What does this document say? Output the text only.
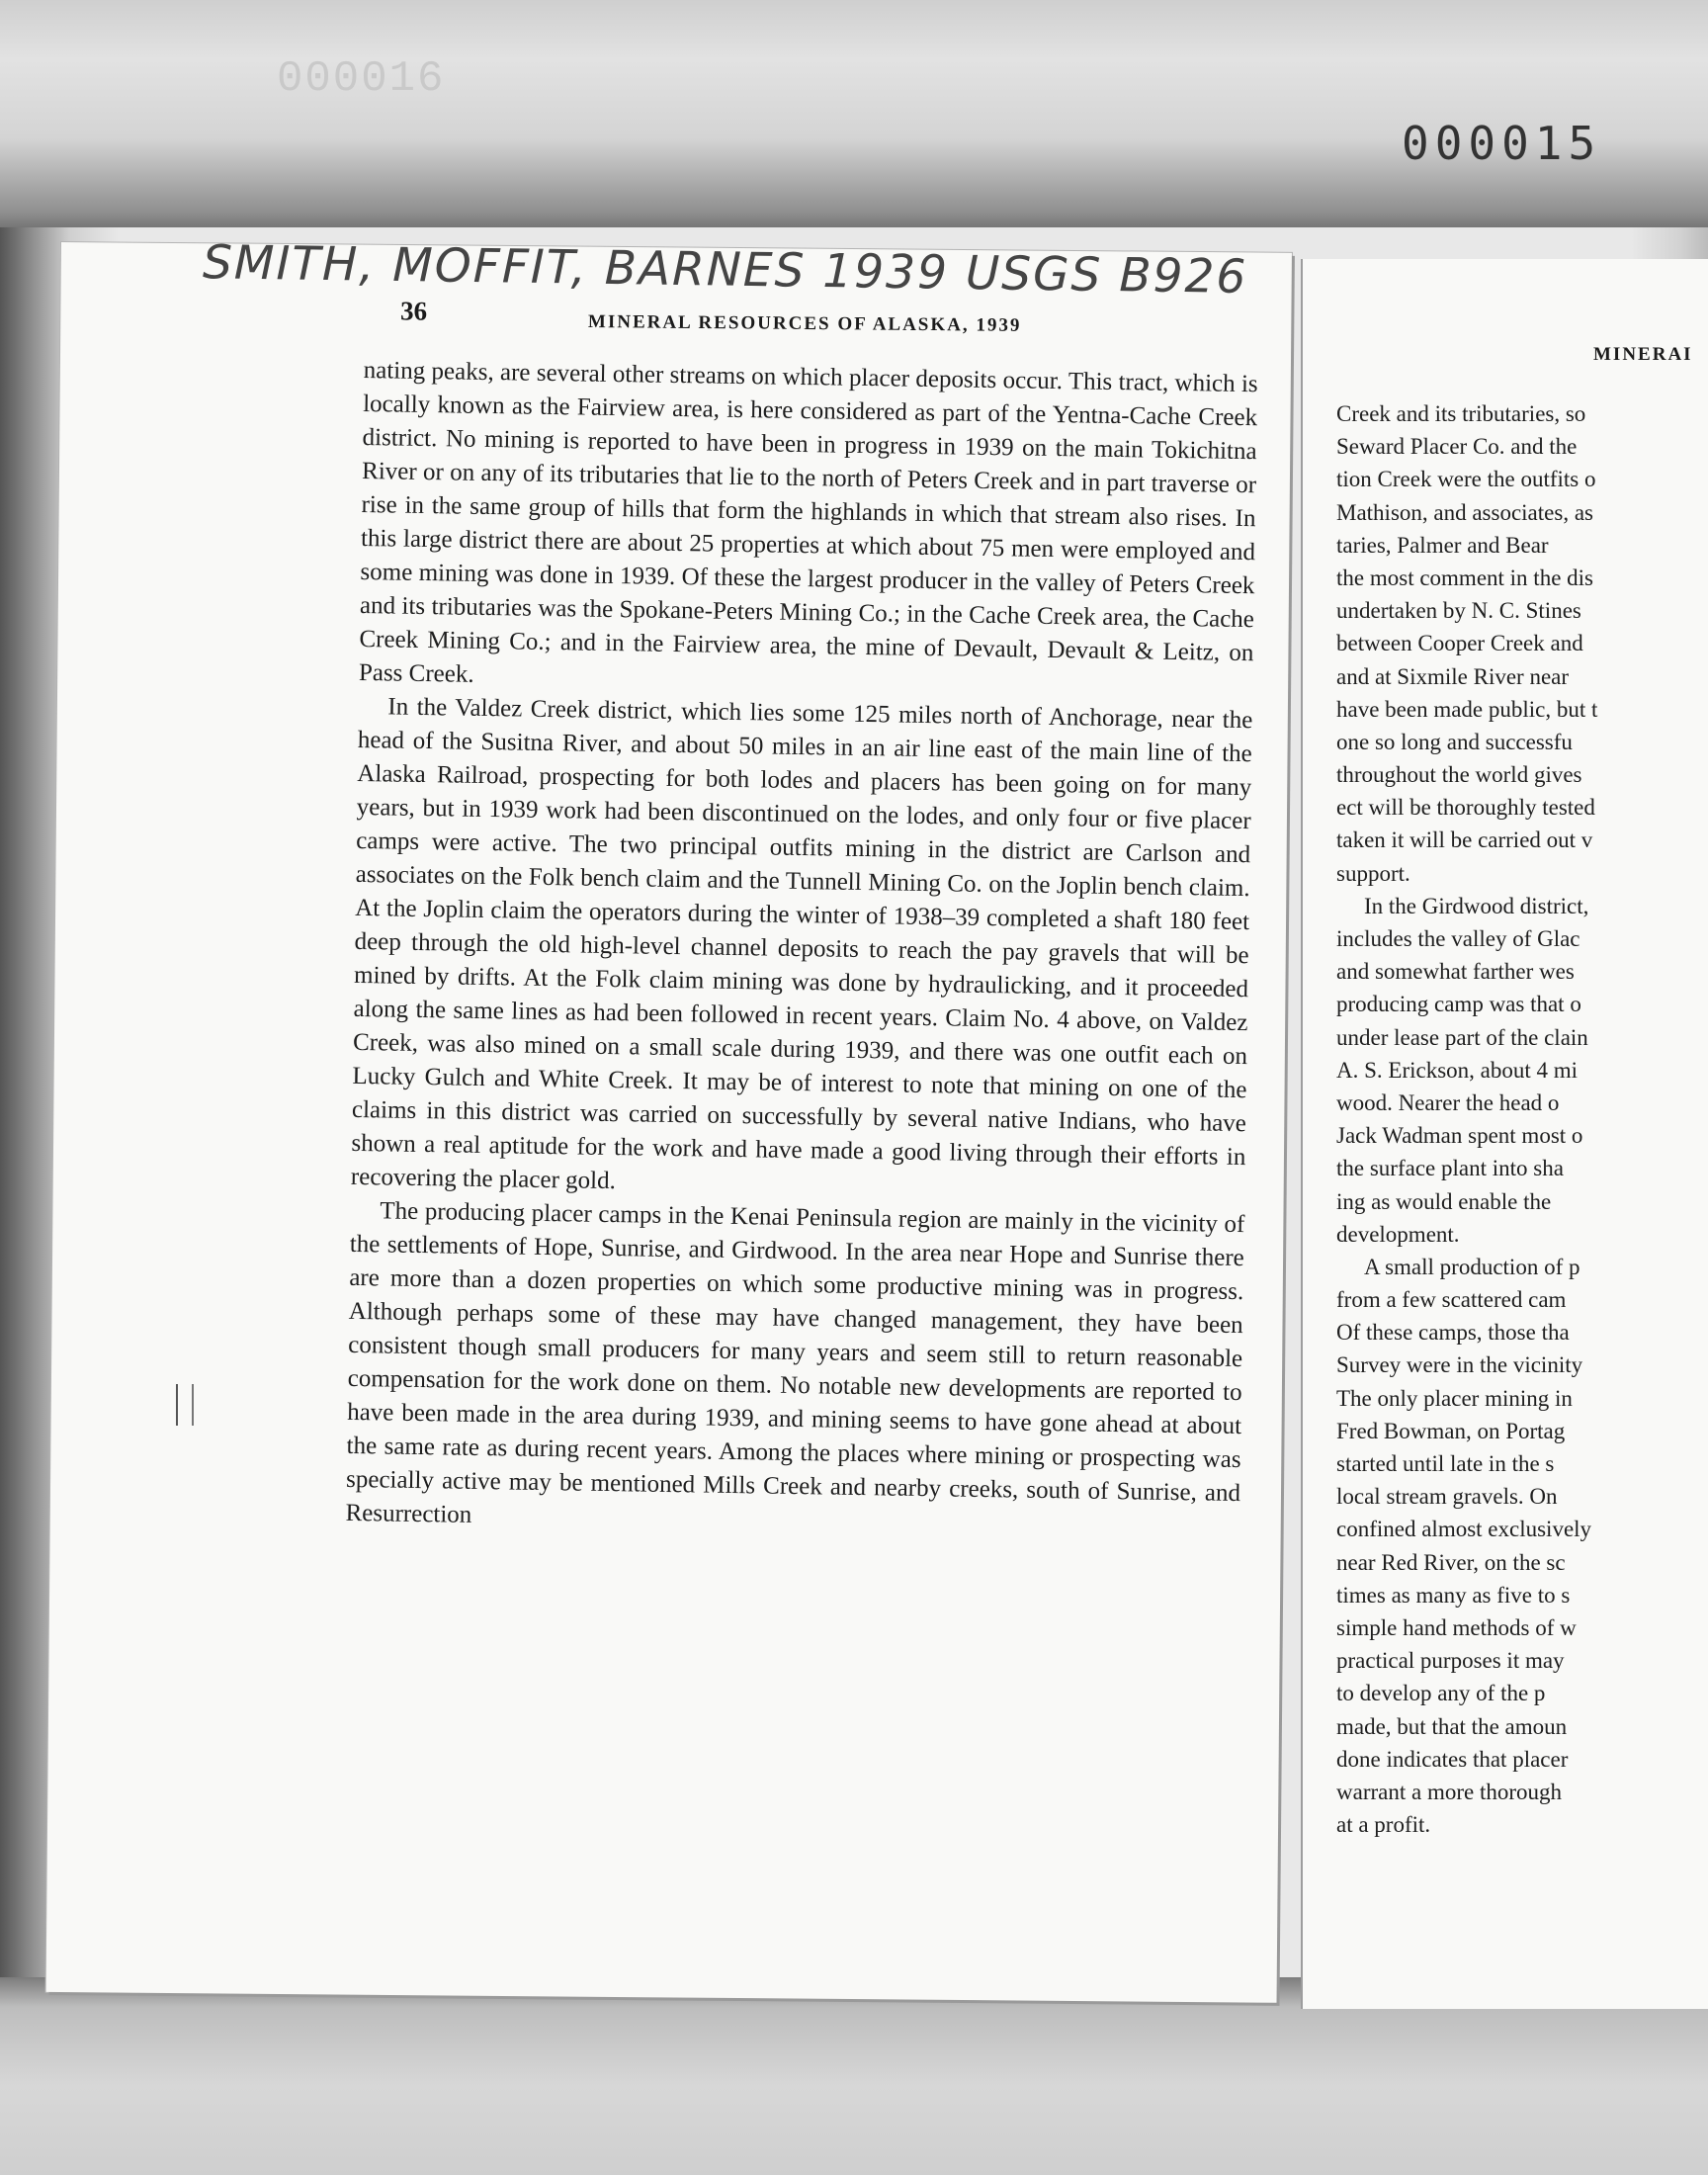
000016
000015
SMITH, MOFFIT, BARNES 1939 USGS B926
36	MINERAL RESOURCES OF ALASKA, 1939

nating peaks, are several other streams on which placer deposits occur. This tract, which is locally known as the Fairview area, is here considered as part of the Yentna-Cache Creek district. No mining is reported to have been in progress in 1939 on the main Tokichitna River or on any of its tributaries that lie to the north of Peters Creek and in part traverse or rise in the same group of hills that form the highlands in which that stream also rises. In this large district there are about 25 properties at which about 75 men were employed and some mining was done in 1939. Of these the largest producer in the valley of Peters Creek and its tributaries was the Spokane-Peters Mining Co.; in the Cache Creek area, the Cache Creek Mining Co.; and in the Fairview area, the mine of Devault, Devault & Leitz, on Pass Creek.

In the Valdez Creek district, which lies some 125 miles north of Anchorage, near the head of the Susitna River, and about 50 miles in an air line east of the main line of the Alaska Railroad, prospecting for both lodes and placers has been going on for many years, but in 1939 work had been discontinued on the lodes, and only four or five placer camps were active. The two principal outfits mining in the district are Carlson and associates on the Folk bench claim and the Tunnell Mining Co. on the Joplin bench claim. At the Joplin claim the operators during the winter of 1938–39 completed a shaft 180 feet deep through the old high-level channel deposits to reach the pay gravels that will be mined by drifts. At the Folk claim mining was done by hydraulicking, and it proceeded along the same lines as had been followed in recent years. Claim No. 4 above, on Valdez Creek, was also mined on a small scale during 1939, and there was one outfit each on Lucky Gulch and White Creek. It may be of interest to note that mining on one of the claims in this district was carried on successfully by several native Indians, who have shown a real aptitude for the work and have made a good living through their efforts in recovering the placer gold.

The producing placer camps in the Kenai Peninsula region are mainly in the vicinity of the settlements of Hope, Sunrise, and Girdwood. In the area near Hope and Sunrise there are more than a dozen properties on which some productive mining was in progress. Although perhaps some of these may have changed management, they have been consistent though small producers for many years and seem still to return reasonable compensation for the work done on them. No notable new developments are reported to have been made in the area during 1939, and mining seems to have gone ahead at about the same rate as during recent years. Among the places where mining or prospecting was specially active may be mentioned Mills Creek and nearby creeks, south of Sunrise, and Resurrection

MINERAI
Creek and its tributaries, so
Seward Placer Co. and the
tion Creek were the outfits o
Mathison, and associates, as
taries, Palmer and Bear
the most comment in the dis
undertaken by N. C. Stines
between Cooper Creek and
and at Sixmile River near
have been made public, but t
one so long and successfu
throughout the world gives
ect will be thoroughly tested
taken it will be carried out v
support.
In the Girdwood district,
includes the valley of Glac
and somewhat farther wes
producing camp was that o
under lease part of the clain
A. S. Erickson, about 4 mi
wood. Nearer the head o
Jack Wadman spent most o
the surface plant into sha
ing as would enable the
development.
A small production of p
from a few scattered cam
Of these camps, those tha
Survey were in the vicinity
The only placer mining in
Fred Bowman, on Portag
started until late in the s
local stream gravels. On
confined almost exclusively
near Red River, on the sc
times as many as five to s
simple hand methods of w
practical purposes it may
to develop any of the p
made, but that the amoun
done indicates that placer
warrant a more thorough
at a profit.
